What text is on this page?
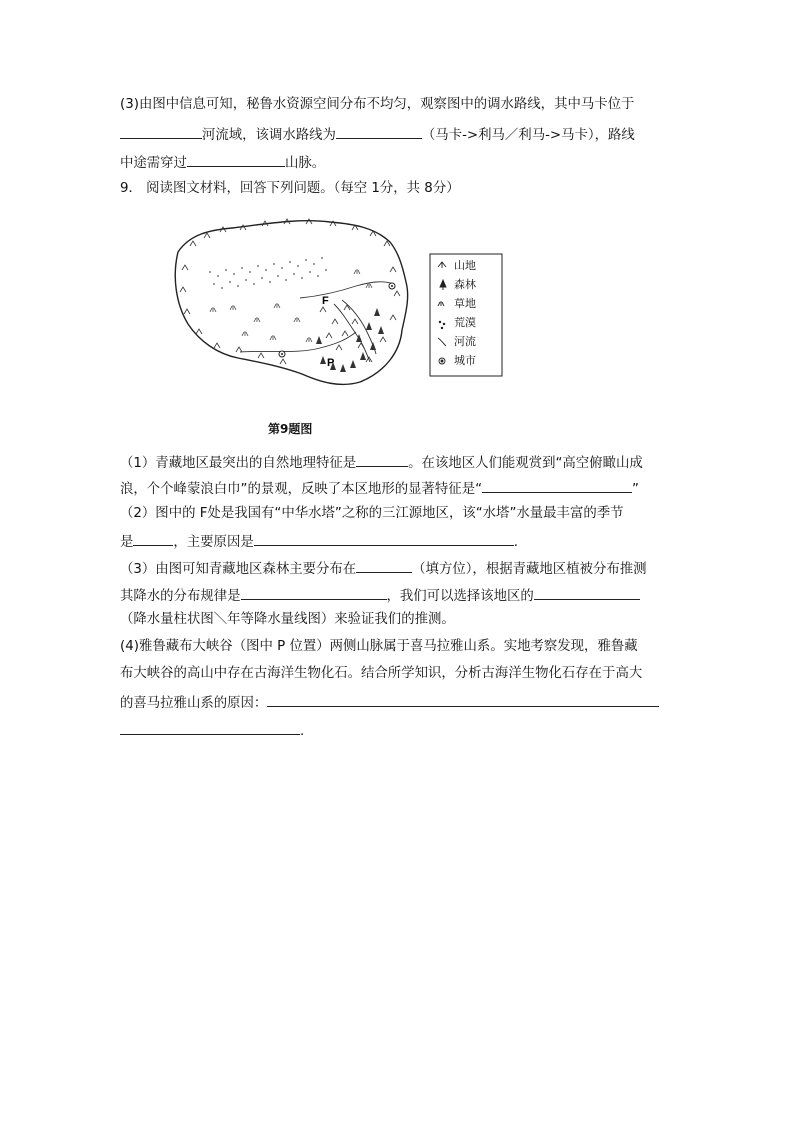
(3)由图中信息可知，秘鲁水资源空间分布不均匀，观察图中的调水路线，其中马卡位于
河流域，该调水路线为	（马卡->利马／利马->马卡），路线
中途需穿过	山脉。
9． 阅读图文材料，回答下列问题。（每空 1分，共 8分）
F
P
山地
森林
草地
荒漠
河流
城市
第9题图
（1）青藏地区最突出的自然地理特征是	。在该地区人们能观赏到“高空俯瞰山成
浪，个个峰蒙浪白巾”的景观，反映了本区地形的显著特征是“	”
（2）图中的 F处是我国有“中华水塔”之称的三江源地区，该“水塔”水量最丰富的季节
是	，主要原因是	.
（3）由图可知青藏地区森林主要分布在	（填方位），根据青藏地区植被分布推测
其降水的分布规律是	，我们可以选择该地区的
（降水量柱状图＼年等降水量线图）来验证我们的推测。
(4)雅鲁藏布大峡谷（图中 P 位置）两侧山脉属于喜马拉雅山系。实地考察发现，雅鲁藏
布大峡谷的高山中存在古海洋生物化石。结合所学知识，分析古海洋生物化石存在于高大
的喜马拉雅山系的原因：
.
